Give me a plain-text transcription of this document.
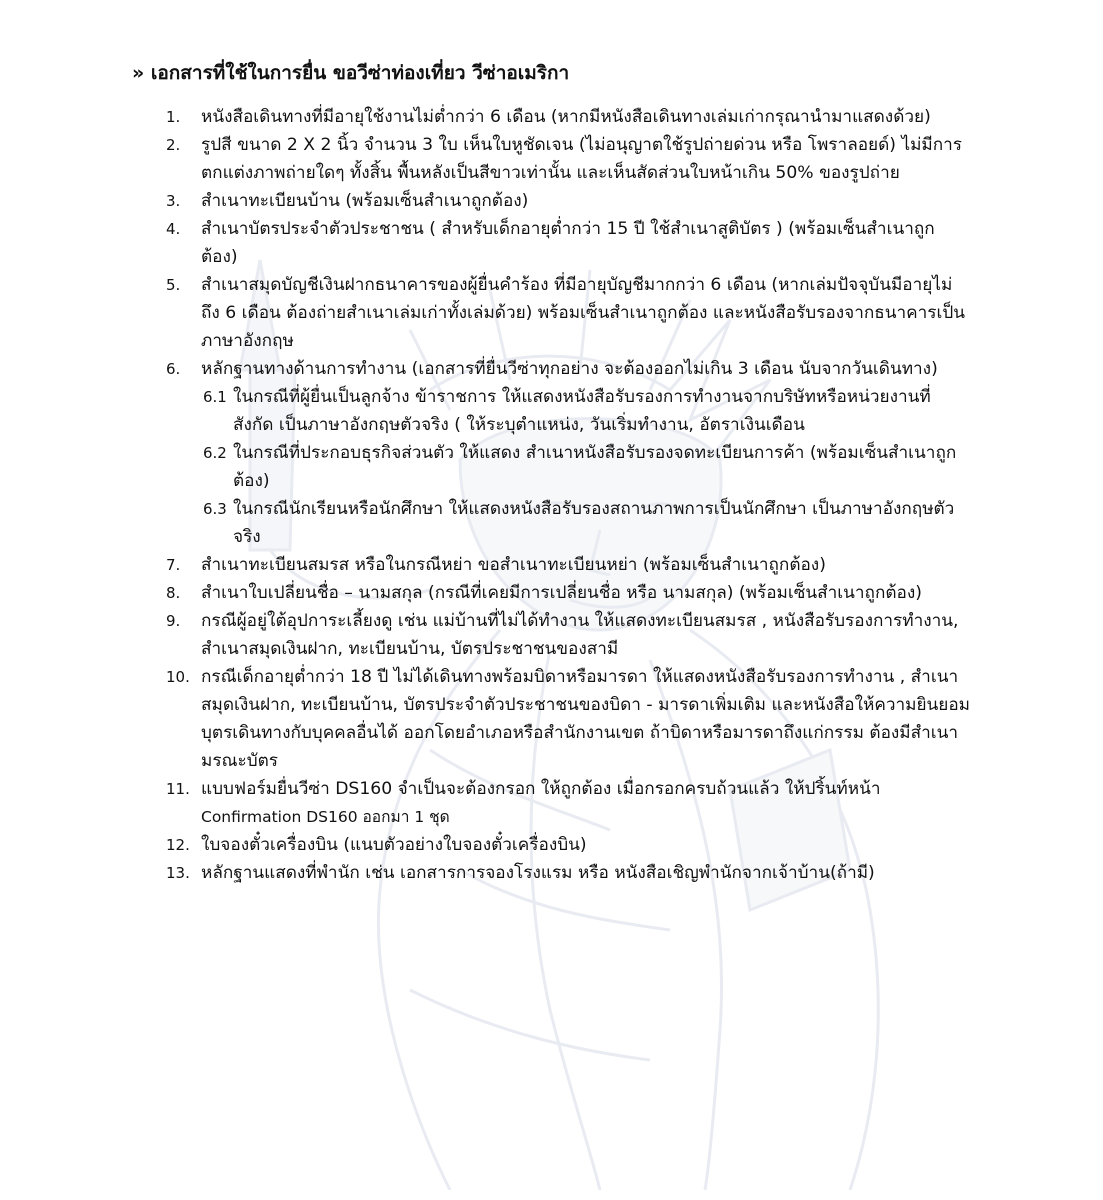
» เอกสารที่ใช้ในการยื่น ขอวีซ่าท่องเที่ยว วีซ่าอเมริกา
1. หนังสือเดินทางที่มีอายุใช้งานไม่ต่ำกว่า 6 เดือน (หากมีหนังสือเดินทางเล่มเก่ากรุณานำมาแสดงด้วย)
2. รูปสี ขนาด 2 X 2 นิ้ว จำนวน 3 ใบ เห็นใบหูชัดเจน (ไม่อนุญาตใช้รูปถ่ายด่วน หรือ โพราลอยด์) ไม่มีการตกแต่งภาพถ่ายใดๆ ทั้งสิ้น พื้นหลังเป็นสีขาวเท่านั้น และเห็นสัดส่วนใบหน้าเกิน 50% ของรูปถ่าย
3. สำเนาทะเบียนบ้าน (พร้อมเซ็นสำเนาถูกต้อง)
4. สำเนาบัตรประจำตัวประชาชน ( สำหรับเด็กอายุต่ำกว่า 15 ปี ใช้สำเนาสูติบัตร ) (พร้อมเซ็นสำเนาถูกต้อง)
5. สำเนาสมุดบัญชีเงินฝากธนาคารของผู้ยื่นคำร้อง ที่มีอายุบัญชีมากกว่า 6 เดือน (หากเล่มปัจจุบันมีอายุไม่ถึง 6 เดือน ต้องถ่ายสำเนาเล่มเก่าทั้งเล่มด้วย) พร้อมเซ็นสำเนาถูกต้อง และหนังสือรับรองจากธนาคารเป็นภาษาอังกฤษ
6. หลักฐานทางด้านการทำงาน (เอกสารที่ยื่นวีซ่าทุกอย่าง จะต้องออกไม่เกิน 3 เดือน นับจากวันเดินทาง)
6.1 ในกรณีที่ผู้ยื่นเป็นลูกจ้าง ข้าราชการ ให้แสดงหนังสือรับรองการทำงานจากบริษัทหรือหน่วยงานที่สังกัด เป็นภาษาอังกฤษตัวจริง ( ให้ระบุตำแหน่ง, วันเริ่มทำงาน, อัตราเงินเดือน
6.2 ในกรณีที่ประกอบธุรกิจส่วนตัว ให้แสดง สำเนาหนังสือรับรองจดทะเบียนการค้า (พร้อมเซ็นสำเนาถูกต้อง)
6.3 ในกรณีนักเรียนหรือนักศึกษา ให้แสดงหนังสือรับรองสถานภาพการเป็นนักศึกษา เป็นภาษาอังกฤษตัวจริง
7. สำเนาทะเบียนสมรส หรือในกรณีหย่า ขอสำเนาทะเบียนหย่า (พร้อมเซ็นสำเนาถูกต้อง)
8. สำเนาใบเปลี่ยนชื่อ – นามสกุล (กรณีที่เคยมีการเปลี่ยนชื่อ หรือ นามสกุล) (พร้อมเซ็นสำเนาถูกต้อง)
9. กรณีผู้อยู่ใต้อุปการะเลี้ยงดู เช่น แม่บ้านที่ไม่ได้ทำงาน ให้แสดงทะเบียนสมรส , หนังสือรับรองการทำงาน, สำเนาสมุดเงินฝาก, ทะเบียนบ้าน, บัตรประชาชนของสามี
10. กรณีเด็กอายุต่ำกว่า 18 ปี ไม่ได้เดินทางพร้อมบิดาหรือมารดา ให้แสดงหนังสือรับรองการทำงาน , สำเนาสมุดเงินฝาก, ทะเบียนบ้าน, บัตรประจำตัวประชาชนของบิดา - มารดาเพิ่มเติม และหนังสือให้ความยินยอมบุตรเดินทางกับบุคคลอื่นได้ ออกโดยอำเภอหรือสำนักงานเขต ถ้าบิดาหรือมารดาถึงแก่กรรม ต้องมีสำเนามรณะบัตร
11. แบบฟอร์มยื่นวีซ่า DS160 จำเป็นจะต้องกรอก ให้ถูกต้อง เมื่อกรอกครบถ้วนแล้ว ให้ปริ้นท์หน้า
Confirmation DS160 ออกมา 1 ชุด
12. ใบจองตั๋วเครื่องบิน (แนบตัวอย่างใบจองตั๋วเครื่องบิน)
13. หลักฐานแสดงที่พำนัก เช่น เอกสารการจองโรงแรม หรือ หนังสือเชิญพำนักจากเจ้าบ้าน(ถ้ามี)
